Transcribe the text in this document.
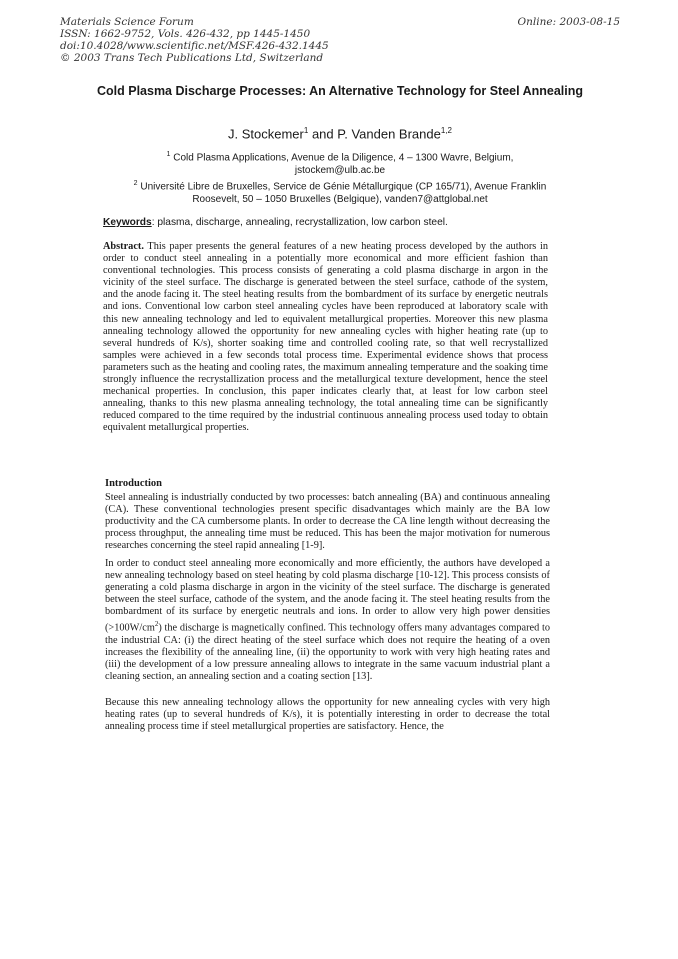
Materials Science Forum
ISSN: 1662-9752, Vols. 426-432, pp 1445-1450
doi:10.4028/www.scientific.net/MSF.426-432.1445
© 2003 Trans Tech Publications Ltd, Switzerland
Online: 2003-08-15
Cold Plasma Discharge Processes: An Alternative Technology for Steel Annealing
J. Stockemer$^1$ and P. Vanden Brande$^{1,2}$
$^1$ Cold Plasma Applications, Avenue de la Diligence, 4 – 1300 Wavre, Belgium,
jstockem@ulb.ac.be
$^2$ Université Libre de Bruxelles, Service de Génie Métallurgique (CP 165/71), Avenue Franklin
Roosevelt, 50 – 1050 Bruxelles (Belgique), vanden7@attglobal.net
Keywords: plasma, discharge, annealing, recrystallization, low carbon steel.

Abstract. This paper presents the general features of a new heating process developed by the authors in order to conduct steel annealing in a potentially more economical and more efficient fashion than conventional technologies. This process consists of generating a cold plasma discharge in argon in the vicinity of the steel surface. The discharge is generated between the steel surface, cathode of the system, and the anode facing it. The steel heating results from the bombardment of its surface by energetic neutrals and ions. Conventional low carbon steel annealing cycles have been reproduced at laboratory scale with this new annealing technology and led to equivalent metallurgical properties. Moreover this new plasma annealing technology allowed the opportunity for new annealing cycles with higher heating rate (up to several hundreds of K/s), shorter soaking time and controlled cooling rate, so that well recrystallized samples were achieved in a few seconds total process time. Experimental evidence shows that process parameters such as the heating and cooling rates, the maximum annealing temperature and the soaking time strongly influence the recrystallization process and the metallurgical texture development, hence the steel mechanical properties. In conclusion, this paper indicates clearly that, at least for low carbon steel annealing, thanks to this new plasma annealing technology, the total annealing time can be significantly reduced compared to the time required by the industrial continuous annealing process used today to obtain equivalent metallurgical properties.

Introduction

Steel annealing is industrially conducted by two processes: batch annealing (BA) and continuous annealing (CA). These conventional technologies present specific disadvantages which mainly are the BA low productivity and the CA cumbersome plants. In order to decrease the CA line length without decreasing the process throughput, the annealing time must be reduced. This has been the major motivation for numerous researches concerning the steel rapid annealing [1-9].

In order to conduct steel annealing more economically and more efficiently, the authors have developed a new annealing technology based on steel heating by cold plasma discharge [10-12]. This process consists of generating a cold plasma discharge in argon in the vicinity of the steel surface. The discharge is generated between the steel surface, cathode of the system, and the anode facing it. The steel heating results from the bombardment of its surface by energetic neutrals and ions. In order to allow very high power densities $(>100W/cm^2)$ the discharge is magnetically confined. This technology offers many advantages compared to the industrial CA: (i) the direct heating of the steel surface which does not require the heating of a oven increases the flexibility of the annealing line, (ii) the opportunity to work with very high heating rates and (iii) the development of a low pressure annealing allows to integrate in the same vacuum industrial plant a cleaning section, an annealing section and a coating section [13].

Because this new annealing technology allows the opportunity for new annealing cycles with very high heating rates (up to several hundreds of K/s), it is potentially interesting in order to decrease the total annealing process time if steel metallurgical properties are satisfactory. Hence, the
